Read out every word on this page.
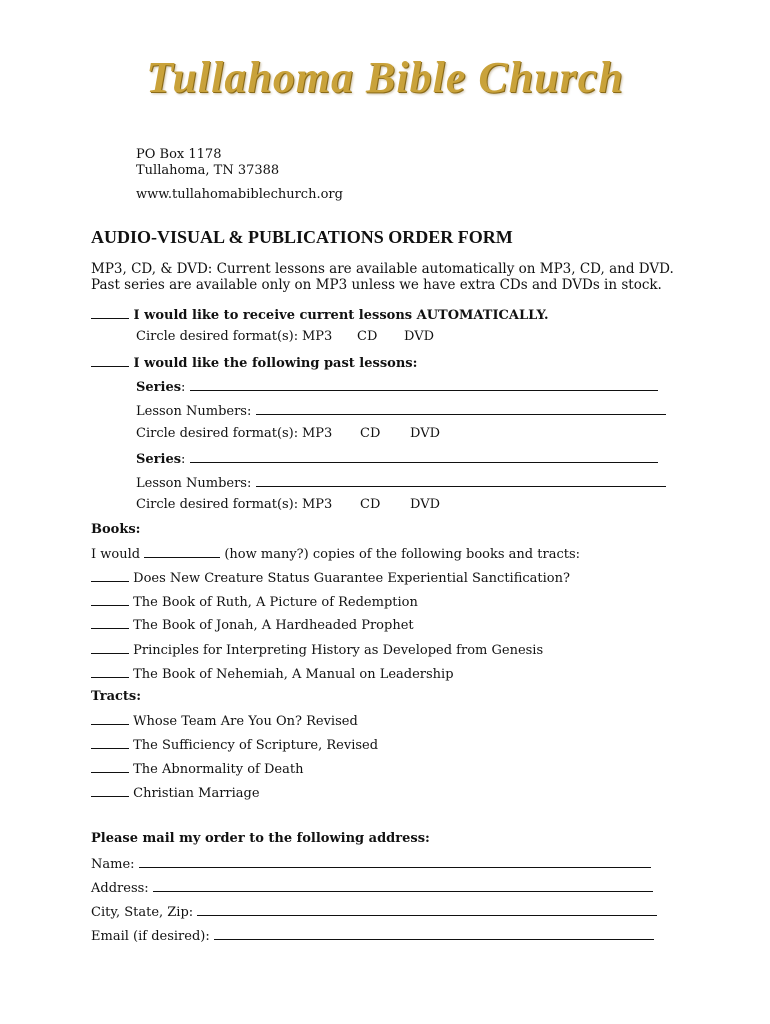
Tullahoma Bible Church
PO Box 1178
Tullahoma, TN 37388
www.tullahomabiblechurch.org
AUDIO-VISUAL & PUBLICATIONS ORDER FORM
MP3, CD, & DVD: Current lessons are available automatically on MP3, CD, and DVD. Past series are available only on MP3 unless we have extra CDs and DVDs in stock.
I would like to receive current lessons AUTOMATICALLY.
Circle desired format(s): MP3 CD DVD
I would like the following past lessons:
Series:
Lesson Numbers:
Circle desired format(s): MP3 CD DVD
Series:
Lesson Numbers:
Circle desired format(s): MP3 CD DVD
Books:
I would	(how many?) copies of the following books and tracts:
Does New Creature Status Guarantee Experiential Sanctification?
The Book of Ruth, A Picture of Redemption
The Book of Jonah, A Hardheaded Prophet
Principles for Interpreting History as Developed from Genesis
The Book of Nehemiah, A Manual on Leadership
Tracts:
Whose Team Are You On? Revised
The Sufficiency of Scripture, Revised
The Abnormality of Death
Christian Marriage
Please mail my order to the following address:
Name:
Address:
City, State, Zip:
Email (if desired):
